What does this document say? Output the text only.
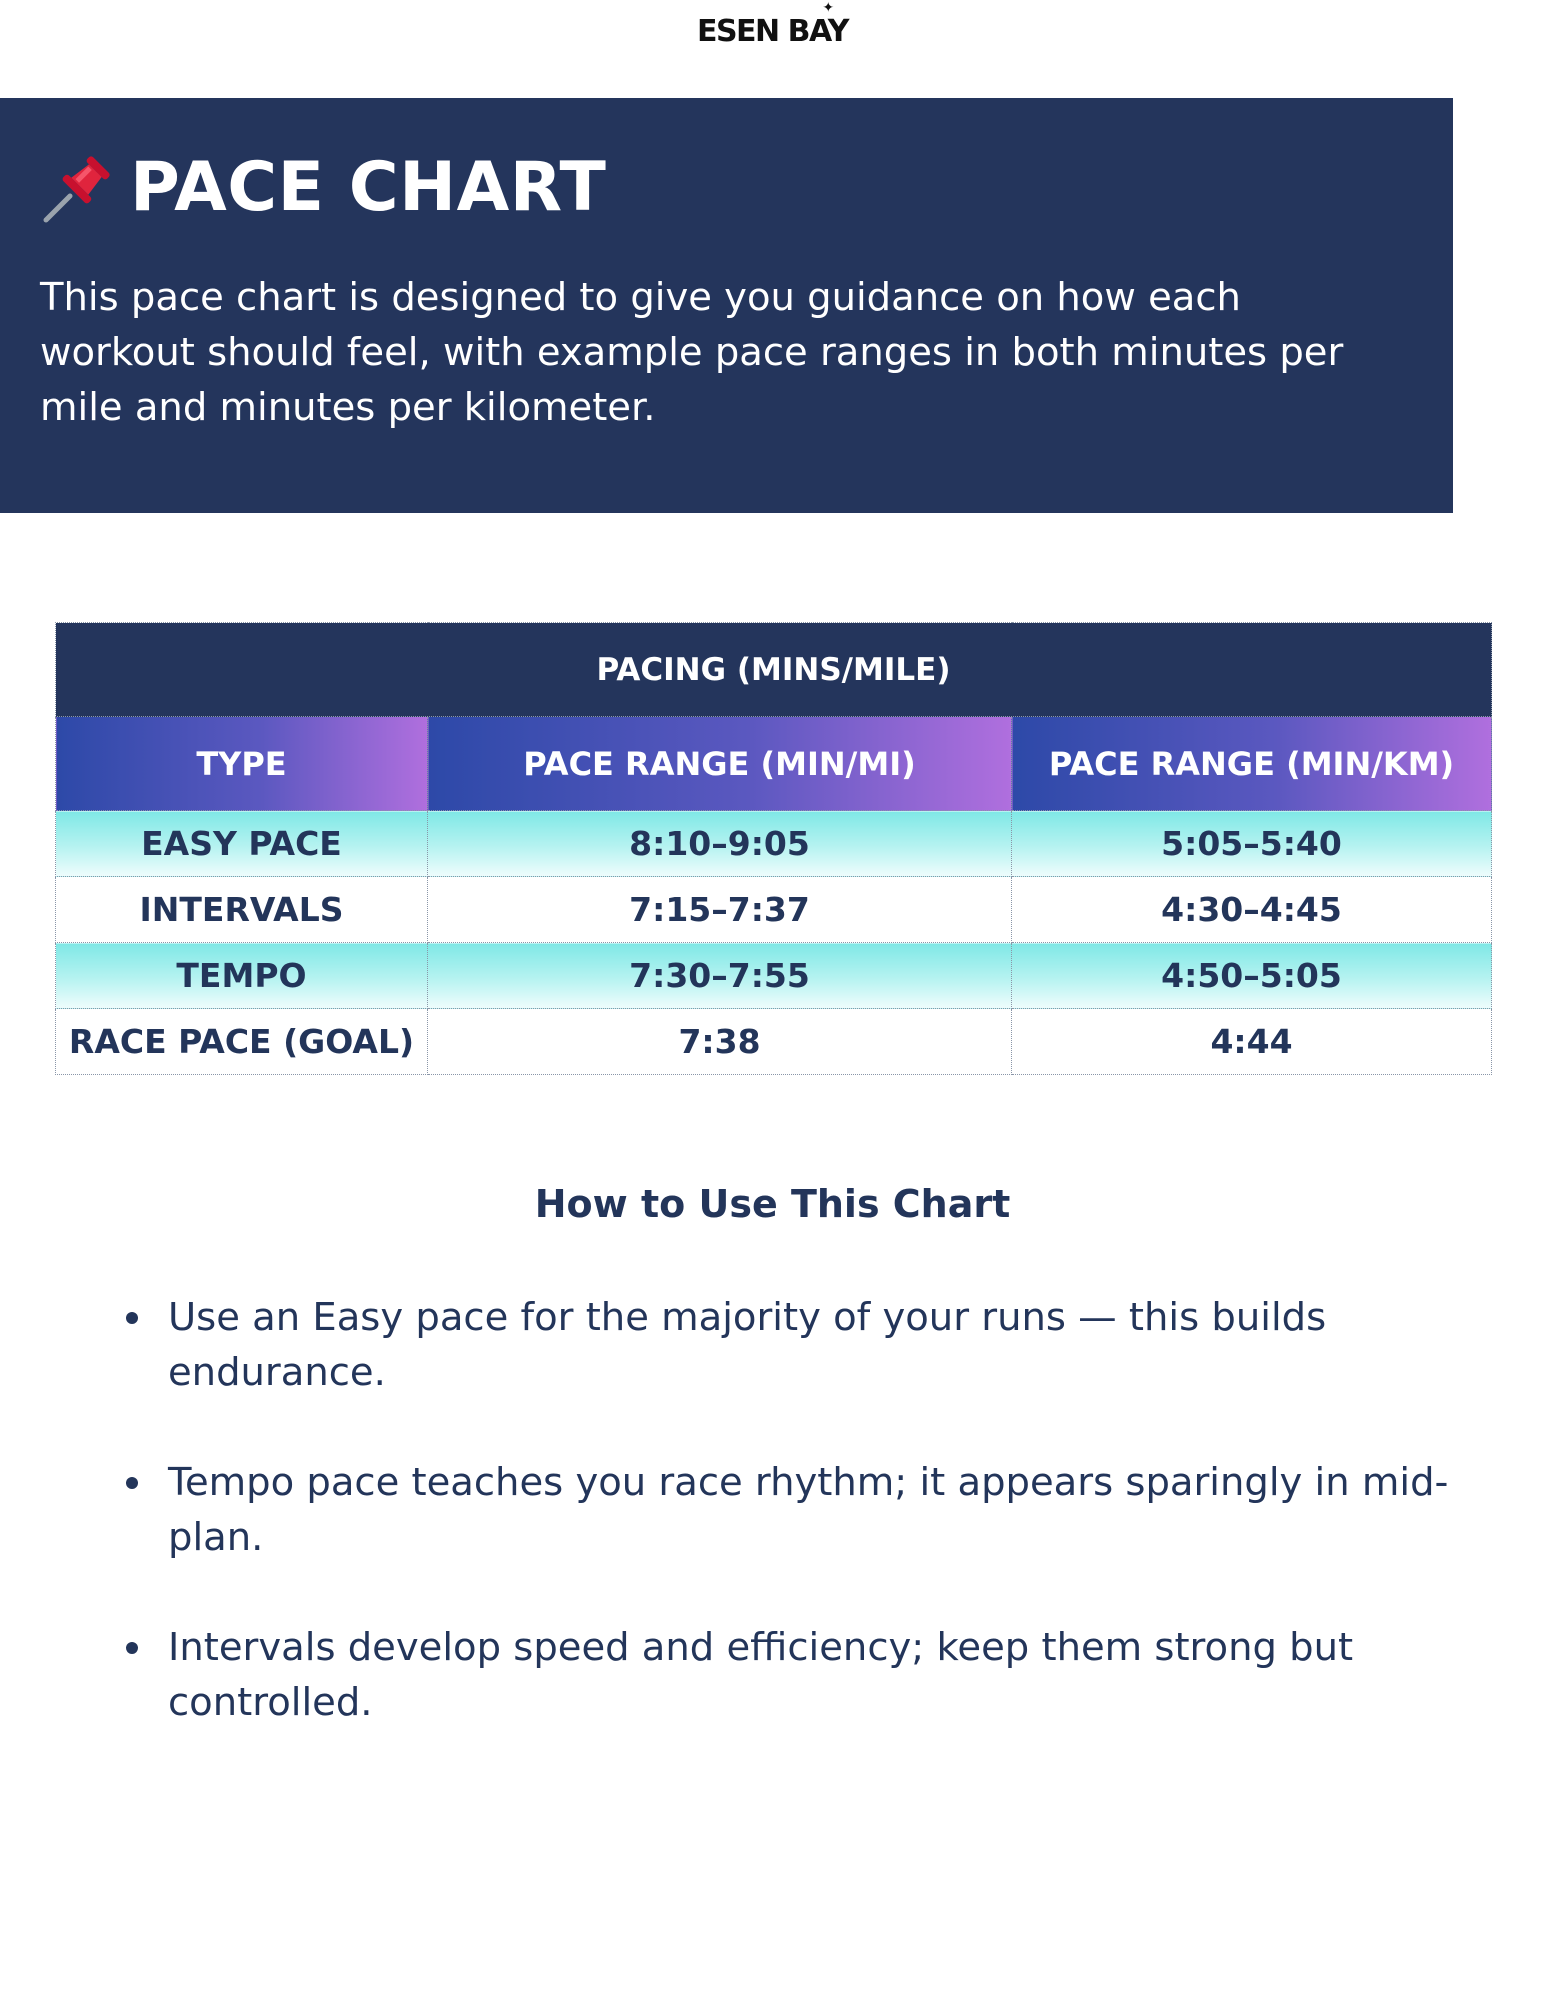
✦
ESEN BAY
PACE CHART

This pace chart is designed to give you guidance on how each workout should feel, with example pace ranges in both minutes per mile and minutes per kilometer.

PACING (MINS/MILE)		
TYPE	PACE RANGE (MIN/MI)	PACE RANGE (MIN/KM)
EASY PACE	8:10–9:05	5:05–5:40
INTERVALS	7:15–7:37	4:30–4:45
TEMPO	7:30–7:55	4:50–5:05
RACE PACE (GOAL)	7:38	4:44
How to Use This Chart
Use an Easy pace for the majority of your runs — this builds endurance.
Tempo pace teaches you race rhythm; it appears sparingly in mid-plan.
Intervals develop speed and efficiency; keep them strong but controlled.
